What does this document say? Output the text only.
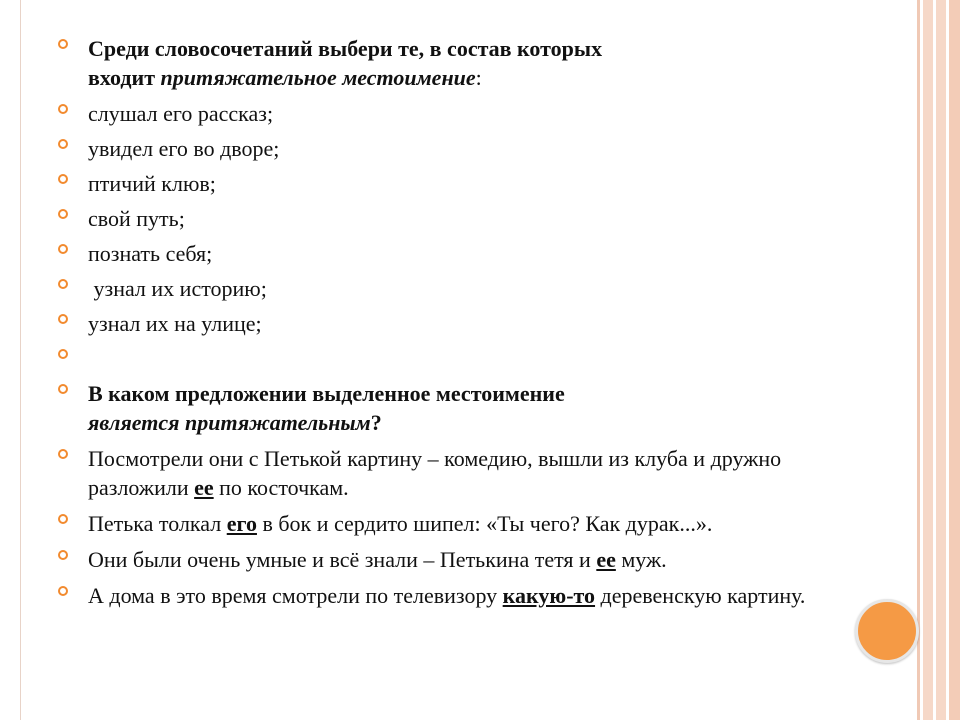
Среди словосочетаний выбери те, в состав которых
входит притяжательное местоимение:
слушал его рассказ;
увидел его во дворе;
птичий клюв;
свой путь;
познать себя;
узнал их историю;
узнал их на улице;

В каком предложении выделенное местоимение
является притяжательным?
Посмотрели они с Петькой картину – комедию, вышли из клуба и дружно разложили ее по косточкам.
Петька толкал его в бок и сердито шипел: «Ты чего? Как дурак...».
Они были очень умные и всё знали – Петькина тетя и ее муж.
А дома в это время смотрели по телевизору какую-то деревенскую картину.
